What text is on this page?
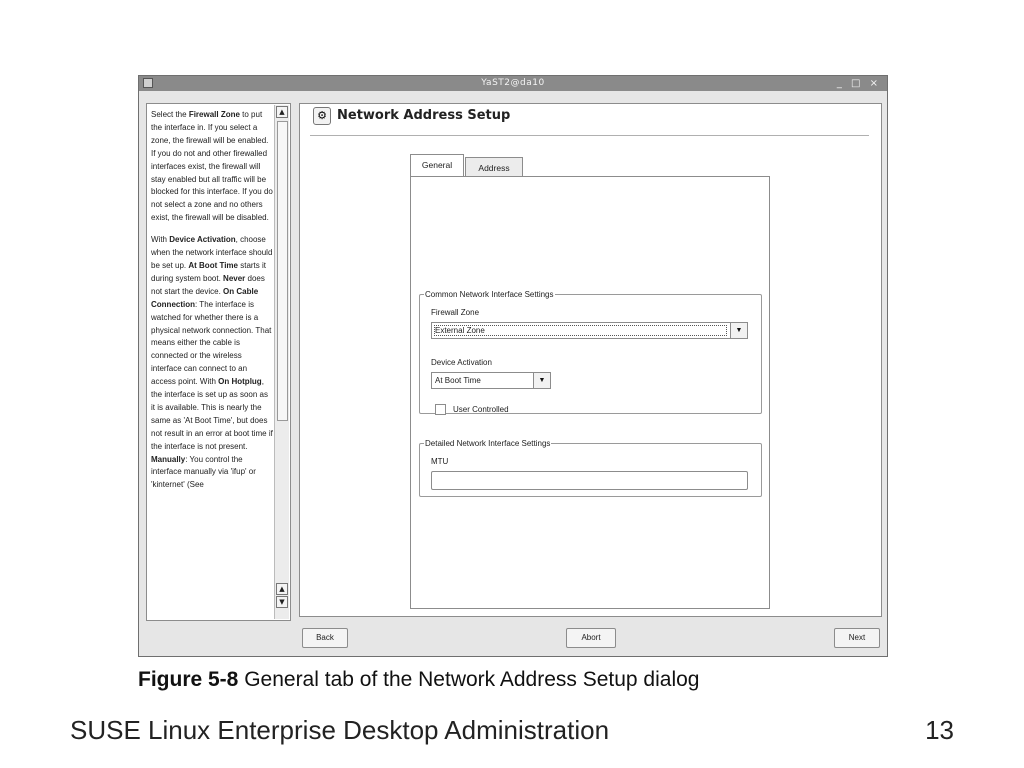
YaST2@da10	_ □ ×

Select the Firewall Zone to put the interface in. If you select a zone, the firewall will be enabled. If you do not and other firewalled interfaces exist, the firewall will stay enabled but all traffic will be blocked for this interface. If you do not select a zone and no others exist, the firewall will be disabled.

With Device Activation, choose when the network interface should be set up. At Boot Time starts it during system boot. Never does not start the device. On Cable Connection: The interface is watched for whether there is a physical network connection. That means either the cable is connected or the wireless interface can connect to an access point. With On Hotplug, the interface is set up as soon as it is available. This is nearly the same as 'At Boot Time', but does not result in an error at boot time if the interface is not present. Manually: You control the interface manually via 'ifup' or 'kinternet' (See

▲
▲
▼
⚙ Network Address Setup
General	Address
Common Network Interface Settings
Firewall Zone
External Zone	▼
Device Activation
At Boot Time	▼
User Controlled
Detailed Network Interface Settings
MTU
Back	Abort	Next
Figure 5-8 General tab of the Network Address Setup dialog
SUSE Linux Enterprise Desktop Administration	13
